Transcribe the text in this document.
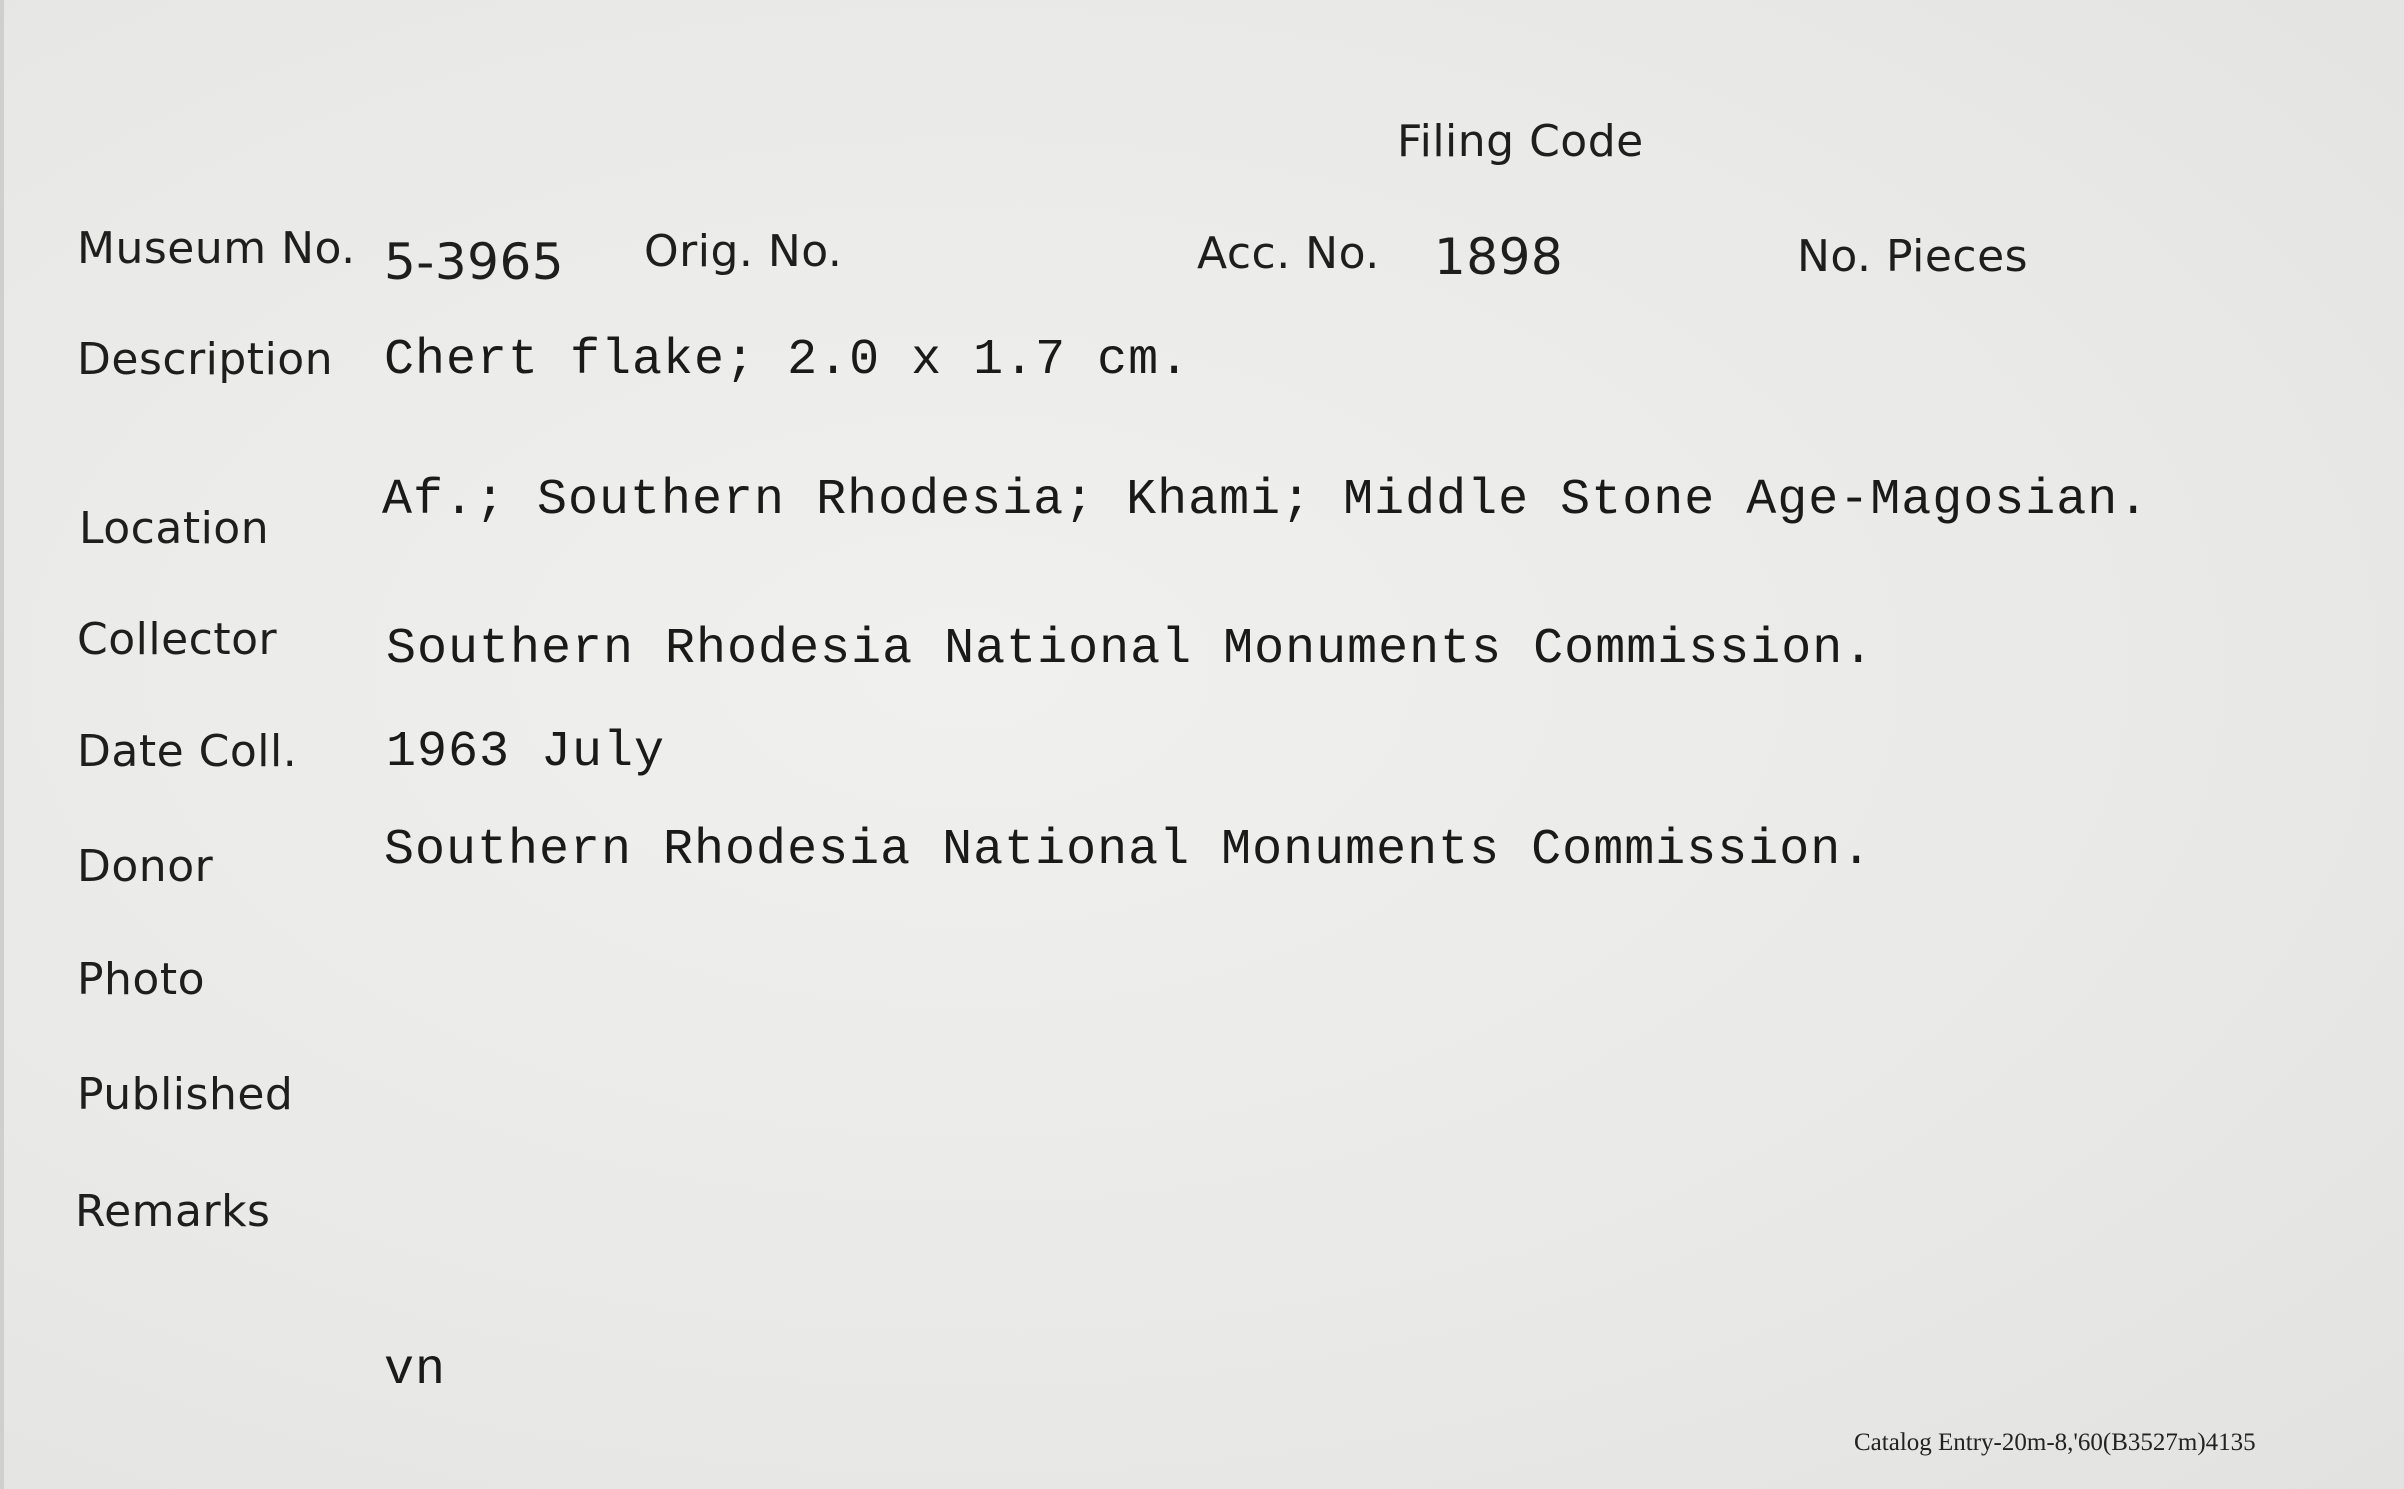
Filing Code
Museum No. 5-3965 Orig. No.	Acc. No. 1898	No. Pieces
Description Chert flake; 2.0 x 1.7 cm.
Location Af.; Southern Rhodesia; Khami; Middle Stone Age-Magosian.
Collector Southern Rhodesia National Monuments Commission.
Date Coll. 1963 July
Donor	Southern Rhodesia National Monuments Commission.
Photo
Published
Remarks
vn
Catalog Entry-20m-8,'60(B3527m)4135
